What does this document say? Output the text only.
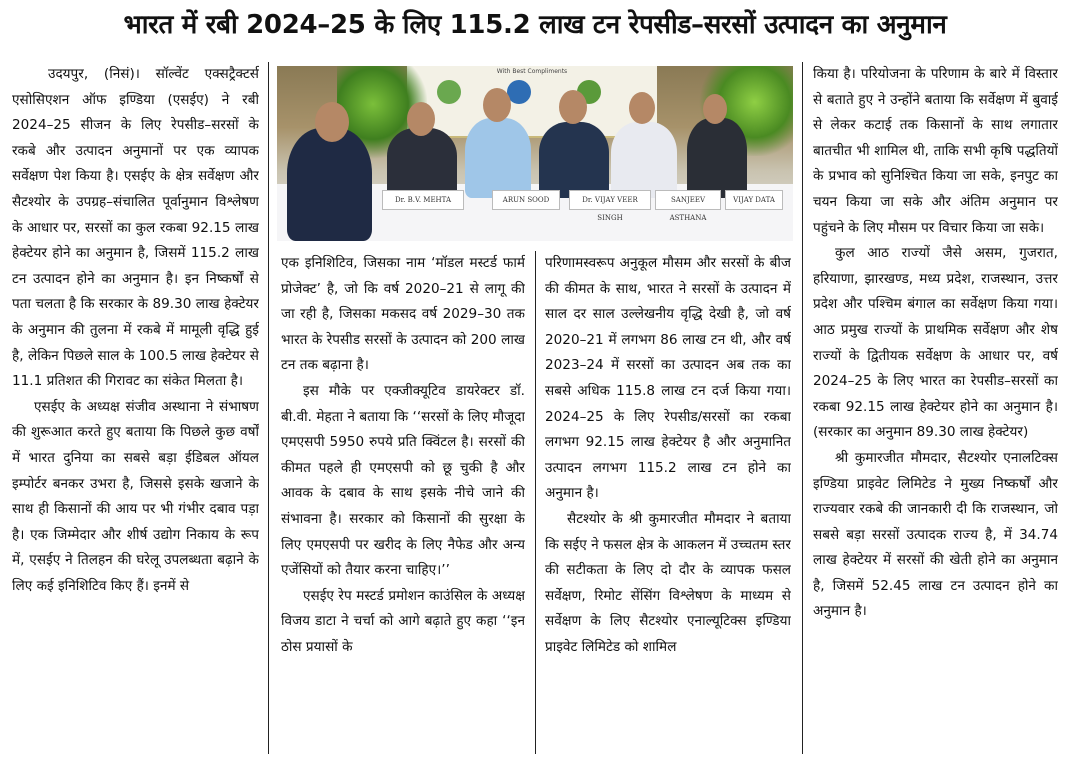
भारत में रबी 2024–25 के लिए 115.2 लाख टन रेपसीड–सरसों उत्पादन का अनुमान

उदयपुर, (निसं)। सॉल्वेंट एक्सट्रैक्टर्स एसोसिएशन ऑफ इण्डिया (एसईए) ने रबी 2024–25 सीजन के लिए रेपसीड–सरसों के रकबे और उत्पादन अनुमानों पर एक व्यापक सर्वेक्षण पेश किया है। एसईए के क्षेत्र सर्वेक्षण और सैटश्योर के उपग्रह–संचालित पूर्वानुमान विश्लेषण के आधार पर, सरसों का कुल रकबा 92.15 लाख हेक्टेयर होने का अनुमान है, जिसमें 115.2 लाख टन उत्पादन होने का अनुमान है। इन निष्कर्षों से पता चलता है कि सरकार के 89.30 लाख हेक्टेयर के अनुमान की तुलना में रकबे में मामूली वृद्धि हुई है, लेकिन पिछले साल के 100.5 लाख हेक्टेयर से 11.1 प्रतिशत की गिरावट का संकेत मिलता है।

एसईए के अध्यक्ष संजीव अस्थाना ने संभाषण की शुरूआत करते हुए बताया कि पिछले कुछ वर्षों में भारत दुनिया का सबसे बड़ा ईडिबल ऑयल इम्पोर्टर बनकर उभरा है, जिससे इसके खजाने के साथ ही किसानों की आय पर भी गंभीर दबाव पड़ा है। एक जिम्मेदार और शीर्ष उद्योग निकाय के रूप में, एसईए ने तिलहन की घरेलू उपलब्धता बढ़ाने के लिए कई इनिशिटिव किए हैं। इनमें से

With Best Compliments
Dr. B.V. MEHTA	ARUN SOOD	Dr. VIJAY VEER SINGH
SANJEEV ASTHANA
VIJAY DATA

एक इनिशिटिव, जिसका नाम ‘मॉडल मस्टर्ड फार्म प्रोजेक्ट’ है, जो कि वर्ष 2020–21 से लागू की जा रही है, जिसका मकसद वर्ष 2029–30 तक भारत के रेपसीड सरसों के उत्पादन को 200 लाख टन तक बढ़ाना है।

इस मौके पर एक्जीक्यूटिव डायरेक्टर डॉ. बी.वी. मेहता ने बताया कि ‘‘सरसों के लिए मौजूदा एमएसपी 5950 रुपये प्रति क्विंटल है। सरसों की कीमत पहले ही एमएसपी को छू चुकी है और आवक के दबाव के साथ इसके नीचे जाने की संभावना है। सरकार को किसानों की सुरक्षा के लिए एमएसपी पर खरीद के लिए नैफेड और अन्य एजेंसियों को तैयार करना चाहिए।’’

एसईए रेप मस्टर्ड प्रमोशन काउंसिल के अध्यक्ष विजय डाटा ने चर्चा को आगे बढ़ाते हुए कहा ‘‘इन ठोस प्रयासों के

परिणामस्वरूप अनुकूल मौसम और सरसों के बीज की कीमत के साथ, भारत ने सरसों के उत्पादन में साल दर साल उल्लेखनीय वृद्धि देखी है, जो वर्ष 2020–21 में लगभग 86 लाख टन थी, और वर्ष 2023–24 में सरसों का उत्पादन अब तक का सबसे अधिक 115.8 लाख टन दर्ज किया गया। 2024–25 के लिए रेपसीड/सरसों का रकबा लगभग 92.15 लाख हेक्टेयर है और अनुमानित उत्पादन लगभग 115.2 लाख टन होने का अनुमान है।

सैटश्योर के श्री कुमारजीत मौमदार ने बताया कि सईए ने फसल क्षेत्र के आकलन में उच्चतम स्तर की सटीकता के लिए दो दौर के व्यापक फसल सर्वेक्षण, रिमोट सेंसिंग विश्लेषण के माध्यम से सर्वेक्षण के लिए सैटश्योर एनाल्यूटिक्स इण्डिया प्राइवेट लिमिटेड को शामिल

किया है। परियोजना के परिणाम के बारे में विस्तार से बताते हुए ने उन्होंने बताया कि सर्वेक्षण में बुवाई से लेकर कटाई तक किसानों के साथ लगातार बातचीत भी शामिल थी, ताकि सभी कृषि पद्धतियों के प्रभाव को सुनिश्चित किया जा सके, इनपुट का चयन किया जा सके और अंतिम अनुमान पर पहुंचने के लिए मौसम पर विचार किया जा सके।

कुल आठ राज्यों जैसे असम, गुजरात, हरियाणा, झारखण्ड, मध्य प्रदेश, राजस्थान, उत्तर प्रदेश और पश्चिम बंगाल का सर्वेक्षण किया गया। आठ प्रमुख राज्यों के प्राथमिक सर्वेक्षण और शेष राज्यों के द्वितीयक सर्वेक्षण के आधार पर, वर्ष 2024–25 के लिए भारत का रेपसीड–सरसों का रकबा 92.15 लाख हेक्टेयर होने का अनुमान है। (सरकार का अनुमान 89.30 लाख हेक्टेयर)

श्री कुमारजीत मौमदार, सैटश्योर एनालटिक्स इण्डिया प्राइवेट लिमिटेड ने मुख्य निष्कर्षों और राज्यवार रकबे की जानकारी दी कि राजस्थान, जो सबसे बड़ा सरसों उत्पादक राज्य है, में 34.74 लाख हेक्टेयर में सरसों की खेती होने का अनुमान है, जिसमें 52.45 लाख टन उत्पादन होने का अनुमान है।
